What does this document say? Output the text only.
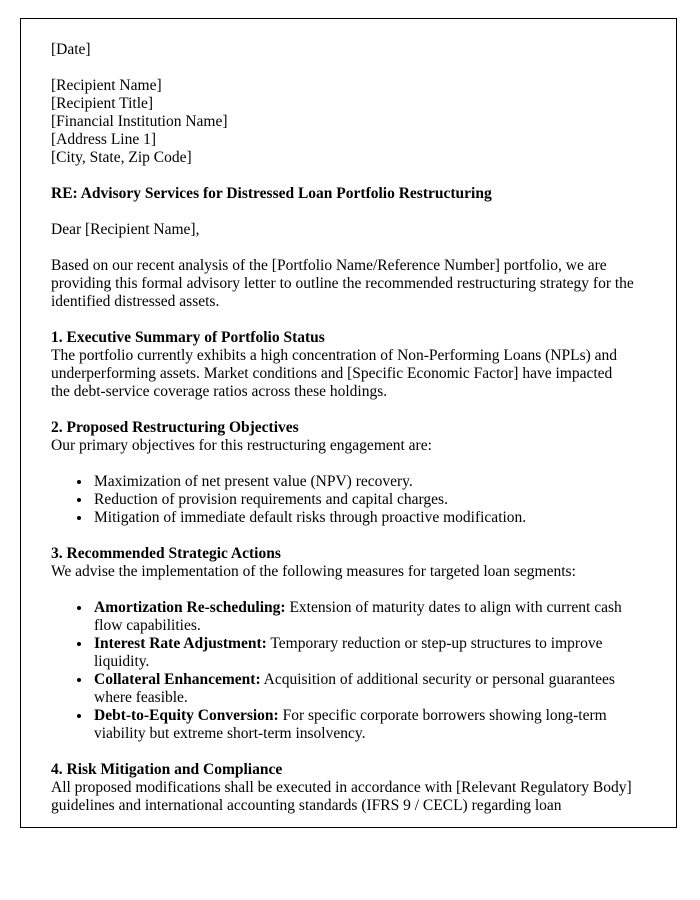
[Date]

[Recipient Name]

[Recipient Title]

[Financial Institution Name]

[Address Line 1]

[City, State, Zip Code]

RE: Advisory Services for Distressed Loan Portfolio Restructuring

Dear [Recipient Name],

Based on our recent analysis of the [Portfolio Name/Reference Number] portfolio, we are providing this formal advisory letter to outline the recommended restructuring strategy for the identified distressed assets.

1. Executive Summary of Portfolio Status

The portfolio currently exhibits a high concentration of Non-Performing Loans (NPLs) and underperforming assets. Market conditions and [Specific Economic Factor] have impacted the debt-service coverage ratios across these holdings.

2. Proposed Restructuring Objectives

Our primary objectives for this restructuring engagement are:

• Maximization of net present value (NPV) recovery.
• Reduction of provision requirements and capital charges.
• Mitigation of immediate default risks through proactive modification.

3. Recommended Strategic Actions

We advise the implementation of the following measures for targeted loan segments:

• Amortization Re-scheduling: Extension of maturity dates to align with current cash flow capabilities.
• Interest Rate Adjustment: Temporary reduction or step-up structures to improve liquidity.
• Collateral Enhancement: Acquisition of additional security or personal guarantees where feasible.
• Debt-to-Equity Conversion: For specific corporate borrowers showing long-term viability but extreme short-term insolvency.

4. Risk Mitigation and Compliance

All proposed modifications shall be executed in accordance with [Relevant Regulatory Body] guidelines and international accounting standards (IFRS 9 / CECL) regarding loan
